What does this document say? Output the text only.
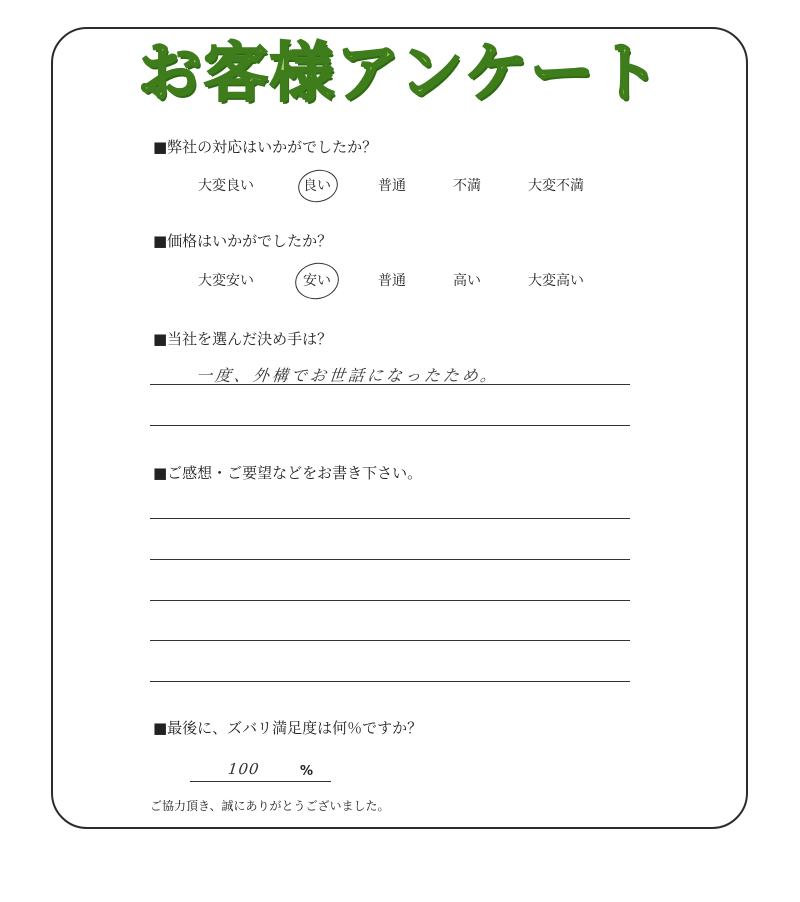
お客様アンケート
■弊社の対応はいかがでしたか？
大変良い	良い	普通	不満	大変不満
■価格はいかがでしたか？
大変安い	安い	普通	高い	大変高い
■当社を選んだ決め手は？
一度、外構でお世話になったため。
■ご感想・ご要望などをお書き下さい。
■最後に、ズバリ満足度は何％ですか？
100	%
ご協力頂き、誠にありがとうございました。
